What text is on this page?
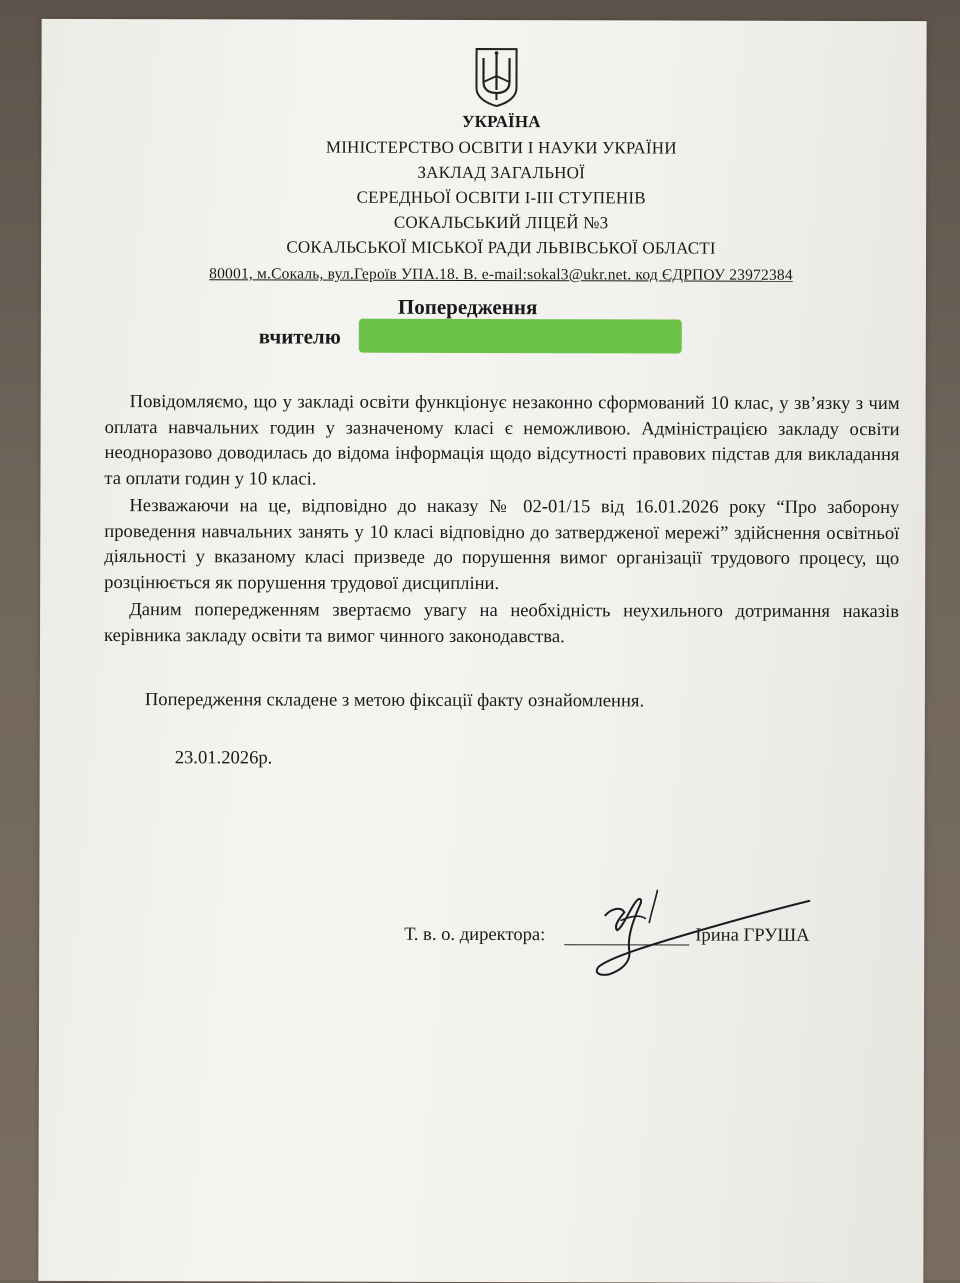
УКРАЇНА
МІНІСТЕРСТВО ОСВІТИ І НАУКИ УКРАЇНИ
ЗАКЛАД ЗАГАЛЬНОЇ
СЕРЕДНЬОЇ ОСВІТИ І-ІІІ СТУПЕНІВ
СОКАЛЬСЬКИЙ ЛІЦЕЙ №3
СОКАЛЬСЬКОЇ МІСЬКОЇ РАДИ ЛЬВІВСЬКОЇ ОБЛАСТІ
80001, м.Сокаль, вул.Героїв УПА.18. В. e-mail:sokal3@ukr.net. код ЄДРПОУ 23972384
Попередження
вчителю
Повідомляємо, що у закладі освіти функціонує незаконно сформований 10 клас, у зв’язку з чим оплата навчальних годин у зазначеному класі є неможливою. Адміністрацією закладу освіти неодноразово доводилась до відома інформація щодо відсутності правових підстав для викладання та оплати годин у 10 класі.
Незважаючи на це, відповідно до наказу № 02-01/15 від 16.01.2026 року “Про заборону проведення навчальних занять у 10 класі відповідно до затвердженої мережі” здійснення освітньої діяльності у вказаному класі призведе до порушення вимог організації трудового процесу, що розцінюється як порушення трудової дисципліни.
Даним попередженням звертаємо увагу на необхідність неухильного дотримання наказів керівника закладу освіти та вимог чинного законодавства.
Попередження складене з метою фіксації факту ознайомлення.
23.01.2026р.
Т. в. о. директора:	Ірина ГРУША
